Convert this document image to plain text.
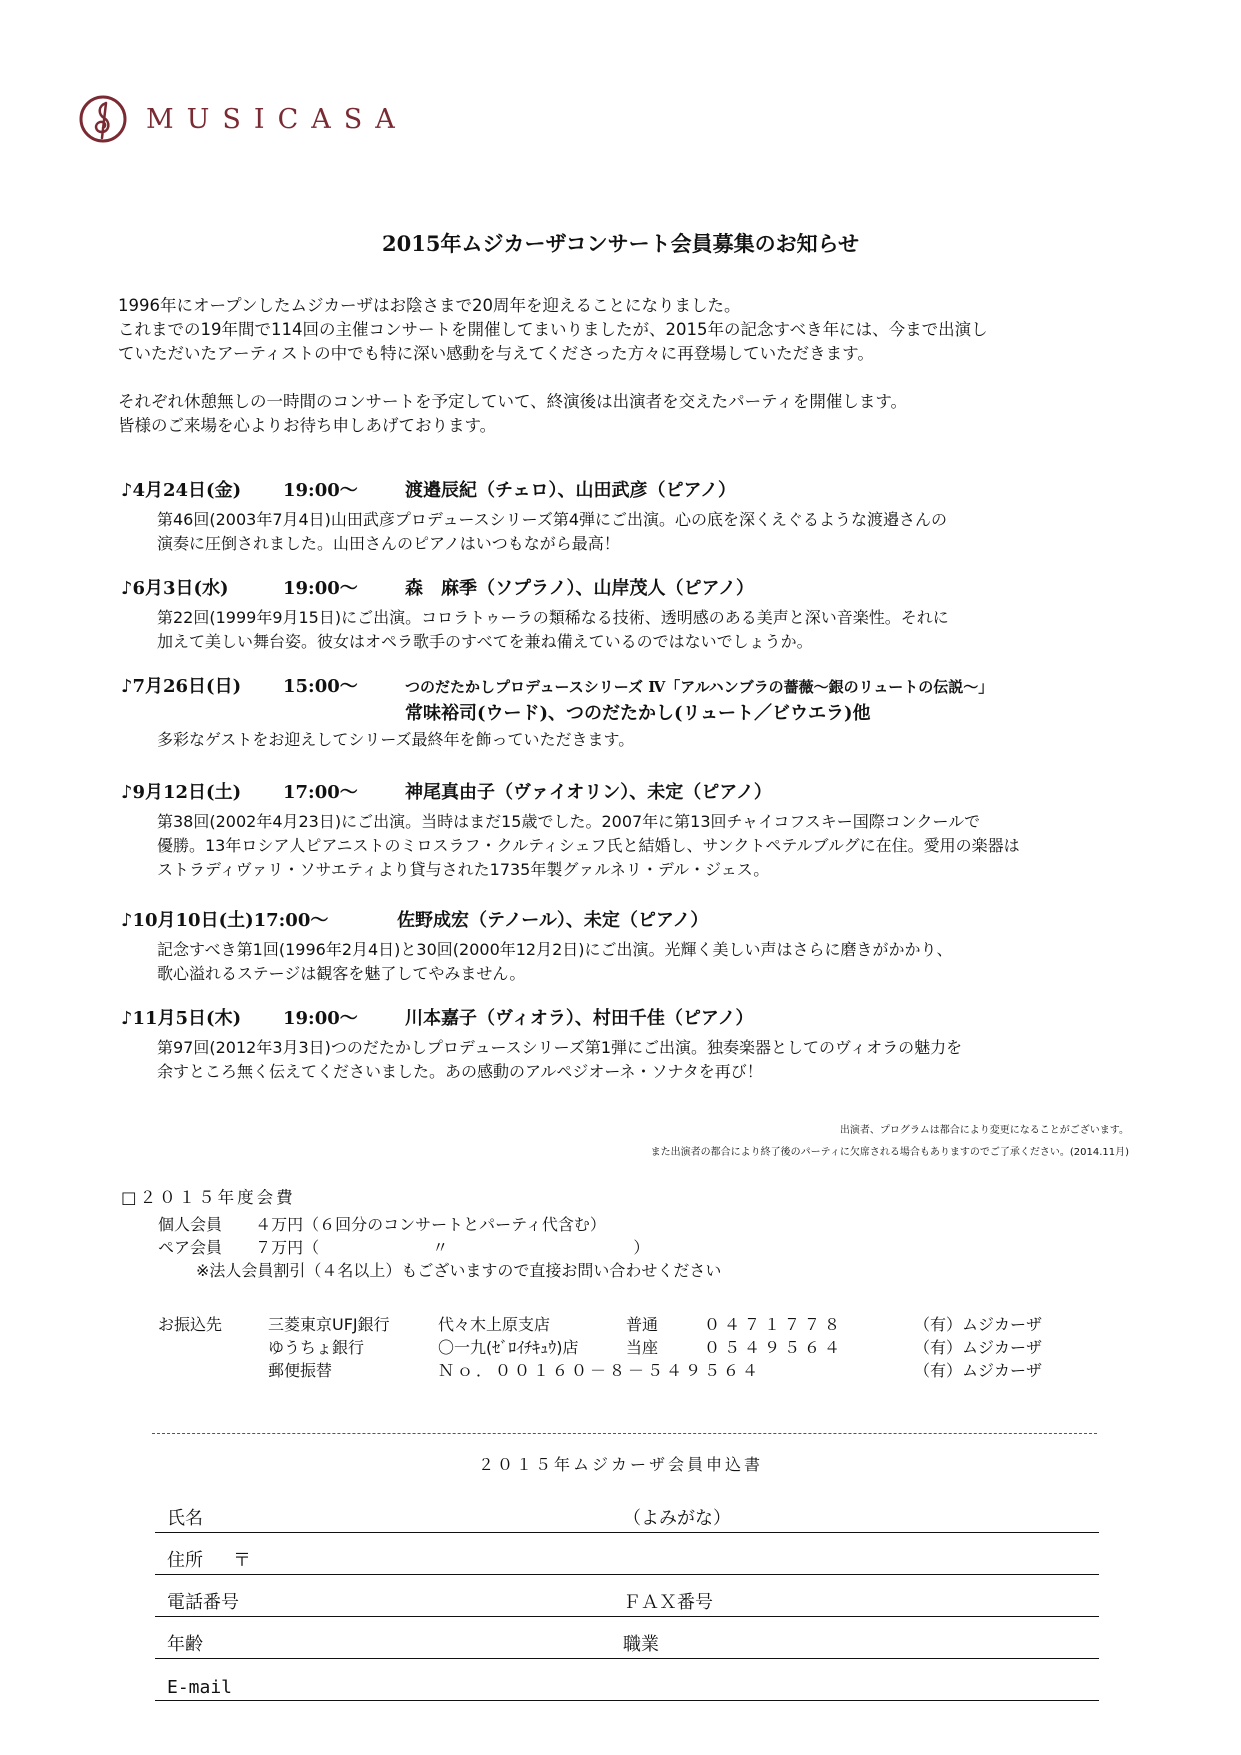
MUSICASA
2015年ムジカーザコンサート会員募集のお知らせ

1996年にオープンしたムジカーザはお陰さまで20周年を迎えることになりました。

これまでの19年間で114回の主催コンサートを開催してまいりましたが、2015年の記念すべき年には、今まで出演し

ていただいたアーティストの中でも特に深い感動を与えてくださった方々に再登場していただきます。

それぞれ休憩無しの一時間のコンサートを予定していて、終演後は出演者を交えたパーティを開催します。

皆様のご来場を心よりお待ち申しあげております。

♪4月24日(金)	19:00～	渡邉辰紀（チェロ）、山田武彦（ピアノ）

第46回(2003年7月4日)山田武彦プロデュースシリーズ第4弾にご出演。心の底を深くえぐるような渡邉さんの

演奏に圧倒されました。山田さんのピアノはいつもながら最高！

♪6月3日(水)	19:00～	森　麻季（ソプラノ）、山岸茂人（ピアノ）

第22回(1999年9月15日)にご出演。コロラトゥーラの類稀なる技術、透明感のある美声と深い音楽性。それに

加えて美しい舞台姿。彼女はオペラ歌手のすべてを兼ね備えているのではないでしょうか。

♪7月26日(日)	15:00～	つのだたかしプロデュースシリーズ Ⅳ「アルハンブラの薔薇～銀のリュートの伝説～」
常味裕司(ウード)、つのだたかし(リュート／ビウエラ)他

多彩なゲストをお迎えしてシリーズ最終年を飾っていただきます。

♪9月12日(土)	17:00～	神尾真由子（ヴァイオリン）、未定（ピアノ）

第38回(2002年4月23日)にご出演。当時はまだ15歳でした。2007年に第13回チャイコフスキー国際コンクールで

優勝。13年ロシア人ピアニストのミロスラフ・クルティシェフ氏と結婚し、サンクトペテルブルグに在住。愛用の楽器は

ストラディヴァリ・ソサエティより貸与された1735年製グァルネリ・デル・ジェス。

♪10月10日(土)17:00～	佐野成宏（テノール）、未定（ピアノ）

記念すべき第1回(1996年2月4日)と30回(2000年12月2日)にご出演。光輝く美しい声はさらに磨きがかかり、

歌心溢れるステージは観客を魅了してやみません。

♪11月5日(木)	19:00～	川本嘉子（ヴィオラ）、村田千佳（ピアノ）

第97回(2012年3月3日)つのだたかしプロデュースシリーズ第1弾にご出演。独奏楽器としてのヴィオラの魅力を

余すところ無く伝えてくださいました。あの感動のアルペジオーネ・ソナタを再び！

出演者、プログラムは都合により変更になることがございます。

また出演者の都合により終了後のパーティに欠席される場合もありますのでご了承ください。(2014.11月)

□２０１５年度会費
個人会員 ４万円（６回分のコンサートとパーティ代含む）
ペア会員 ７万円（	〃	）
※法人会員割引（４名以上）もございますので直接お問い合わせください
お振込先	三菱東京UFJ銀行	代々木上原支店	普通	０４７１７７８	（有）ムジカーザ
ゆうちょ銀行	〇一九(ｾﾞﾛｲﾁｷｭｳ)店	当座	０５４９５６４	（有）ムジカーザ
郵便振替	Ｎｏ．００１６０－８－５４９５６４	（有）ムジカーザ
２０１５年ムジカーザ会員申込書
氏名	（よみがな）
住所 〒
電話番号	ＦＡＸ番号
年齢	職業
E-mail
